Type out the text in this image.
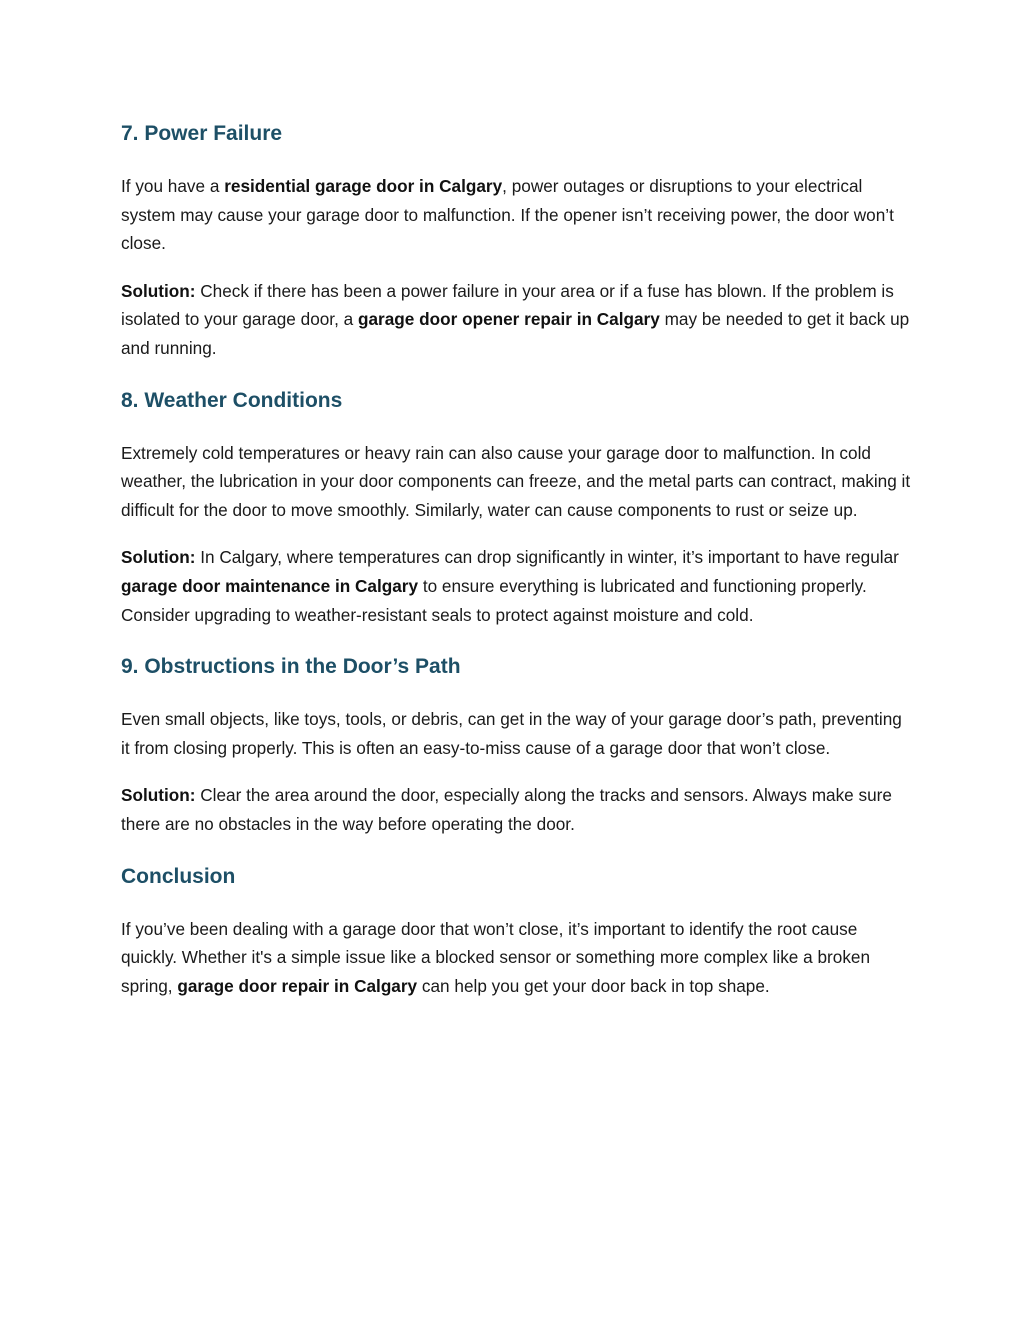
7. Power Failure

If you have a residential garage door in Calgary, power outages or disruptions to your electrical system may cause your garage door to malfunction. If the opener isn’t receiving power, the door won’t close.

Solution: Check if there has been a power failure in your area or if a fuse has blown. If the problem is isolated to your garage door, a garage door opener repair in Calgary may be needed to get it back up and running.

8. Weather Conditions

Extremely cold temperatures or heavy rain can also cause your garage door to malfunction. In cold weather, the lubrication in your door components can freeze, and the metal parts can contract, making it difficult for the door to move smoothly. Similarly, water can cause components to rust or seize up.

Solution: In Calgary, where temperatures can drop significantly in winter, it’s important to have regular garage door maintenance in Calgary to ensure everything is lubricated and functioning properly. Consider upgrading to weather-resistant seals to protect against moisture and cold.

9. Obstructions in the Door’s Path

Even small objects, like toys, tools, or debris, can get in the way of your garage door’s path, preventing it from closing properly. This is often an easy-to-miss cause of a garage door that won’t close.

Solution: Clear the area around the door, especially along the tracks and sensors. Always make sure there are no obstacles in the way before operating the door.

Conclusion

If you’ve been dealing with a garage door that won’t close, it’s important to identify the root cause quickly. Whether it's a simple issue like a blocked sensor or something more complex like a broken spring, garage door repair in Calgary can help you get your door back in top shape.
